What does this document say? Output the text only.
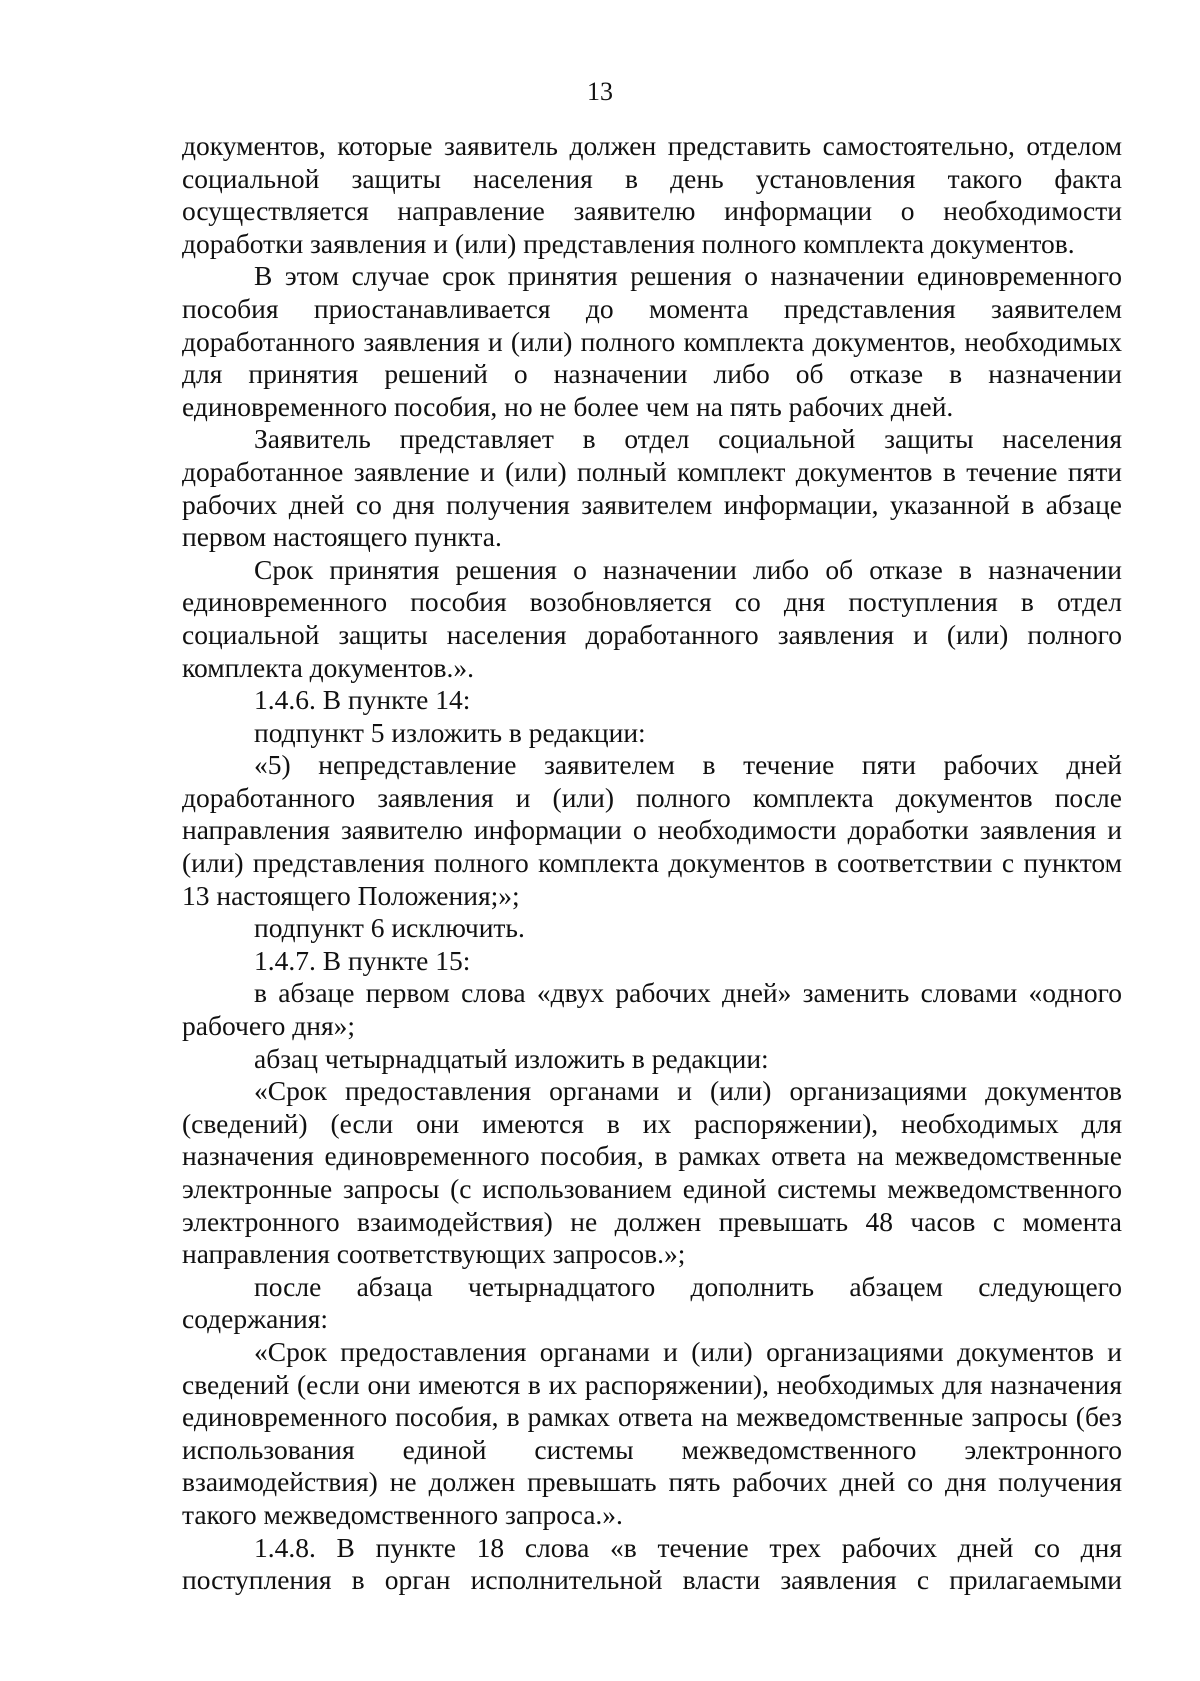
13

документов, которые заявитель должен представить самостоятельно, отделом социальной защиты населения в день установления такого факта осуществляется направление заявителю информации о необходимости доработки заявления и (или) представления полного комплекта документов.

В этом случае срок принятия решения о назначении единовременного пособия приостанавливается до момента представления заявителем доработанного заявления и (или) полного комплекта документов, необходимых для принятия решений о назначении либо об отказе в назначении единовременного пособия, но не более чем на пять рабочих дней.

Заявитель представляет в отдел социальной защиты населения доработанное заявление и (или) полный комплект документов в течение пяти рабочих дней со дня получения заявителем информации, указанной в абзаце первом настоящего пункта.

Срок принятия решения о назначении либо об отказе в назначении единовременного пособия возобновляется со дня поступления в отдел социальной защиты населения доработанного заявления и (или) полного комплекта документов.».

1.4.6. В пункте 14:

подпункт 5 изложить в редакции:

«5) непредставление заявителем в течение пяти рабочих дней доработанного заявления и (или) полного комплекта документов после направления заявителю информации о необходимости доработки заявления и (или) представления полного комплекта документов в соответствии с пунктом 13 настоящего Положения;»;

подпункт 6 исключить.

1.4.7. В пункте 15:

в абзаце первом слова «двух рабочих дней» заменить словами «одного рабочего дня»;

абзац четырнадцатый изложить в редакции:

«Срок предоставления органами и (или) организациями документов (сведений) (если они имеются в их распоряжении), необходимых для назначения единовременного пособия, в рамках ответа на межведомственные электронные запросы (с использованием единой системы межведомственного электронного взаимодействия) не должен превышать 48 часов с момента направления соответствующих запросов.»;

после абзаца четырнадцатого дополнить абзацем следующего содержания:

«Срок предоставления органами и (или) организациями документов и сведений (если они имеются в их распоряжении), необходимых для назначения единовременного пособия, в рамках ответа на межведомственные запросы (без использования единой системы межведомственного электронного взаимодействия) не должен превышать пять рабочих дней со дня получения такого межведомственного запроса.».

1.4.8. В пункте 18 слова «в течение трех рабочих дней со дня поступления в орган исполнительной власти заявления с прилагаемыми
